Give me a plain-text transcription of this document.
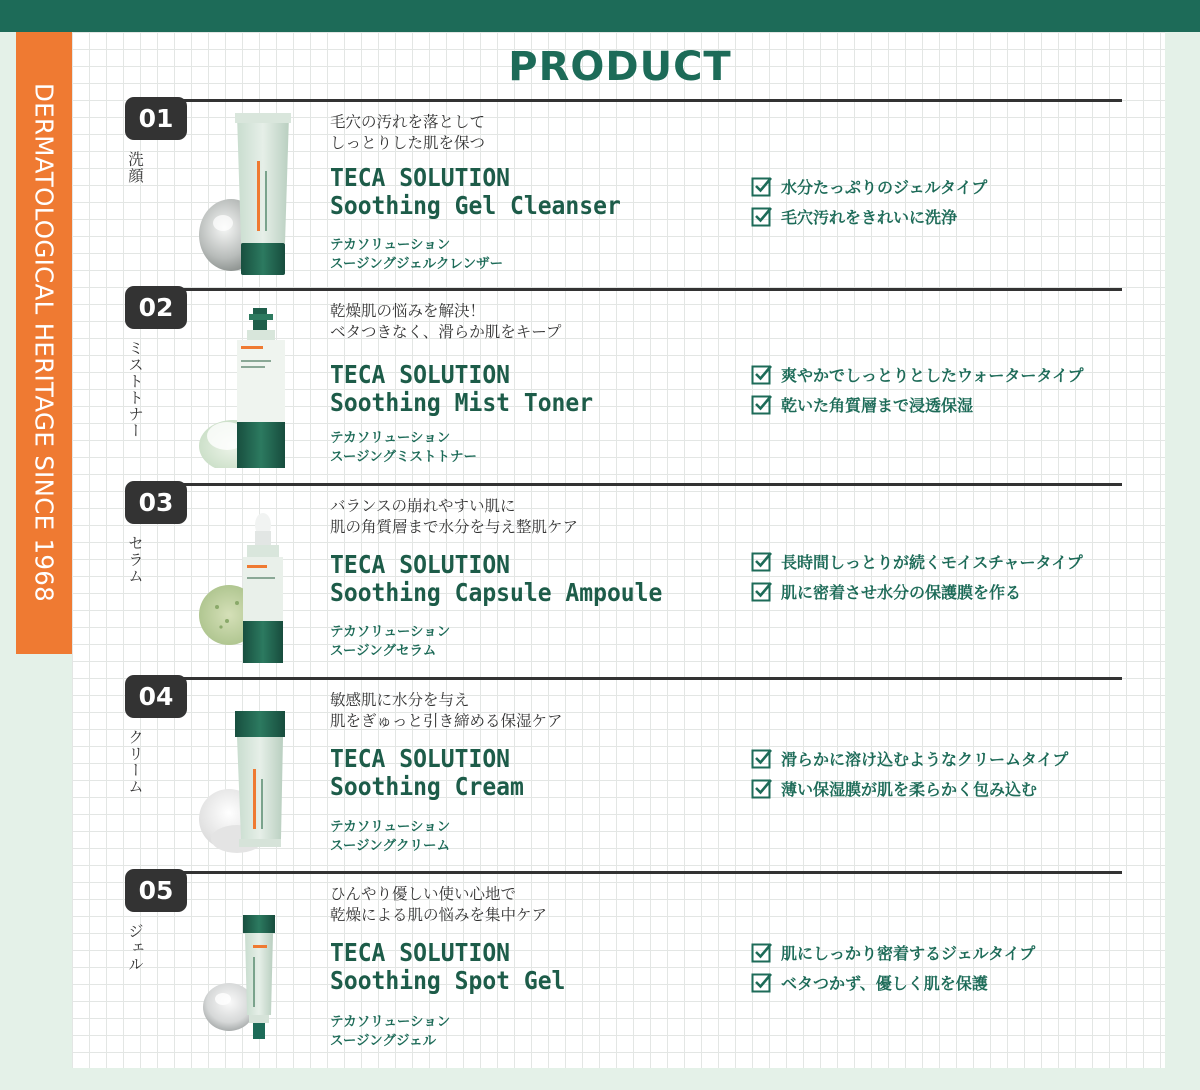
DERMATOLOGICAL HERITAGE SINCE 1968
PRODUCT
01
洗顔
毛穴の汚れを落として
しっとりした肌を保つ
TECA SOLUTION
Soothing Gel Cleanser
テカソリューション
スージングジェルクレンザー
水分たっぷりのジェルタイプ
毛穴汚れをきれいに洗浄
02
ミストトナー
乾燥肌の悩みを解決！
ベタつきなく、滑らか肌をキープ
TECA SOLUTION
Soothing Mist Toner
テカソリューション
スージングミストトナー
爽やかでしっとりとしたウォータータイプ
乾いた角質層まで浸透保湿
03
セラム
バランスの崩れやすい肌に
肌の角質層まで水分を与え整肌ケア
TECA SOLUTION
Soothing Capsule Ampoule
テカソリューション
スージングセラム
長時間しっとりが続くモイスチャータイプ
肌に密着させ水分の保護膜を作る
04
クリーム
敏感肌に水分を与え
肌をぎゅっと引き締める保湿ケア
TECA SOLUTION
Soothing Cream
テカソリューション
スージングクリーム
滑らかに溶け込むようなクリームタイプ
薄い保湿膜が肌を柔らかく包み込む
05
ジェル
ひんやり優しい使い心地で
乾燥による肌の悩みを集中ケア
TECA SOLUTION
Soothing Spot Gel
テカソリューション
スージングジェル
肌にしっかり密着するジェルタイプ
ベタつかず、優しく肌を保護
